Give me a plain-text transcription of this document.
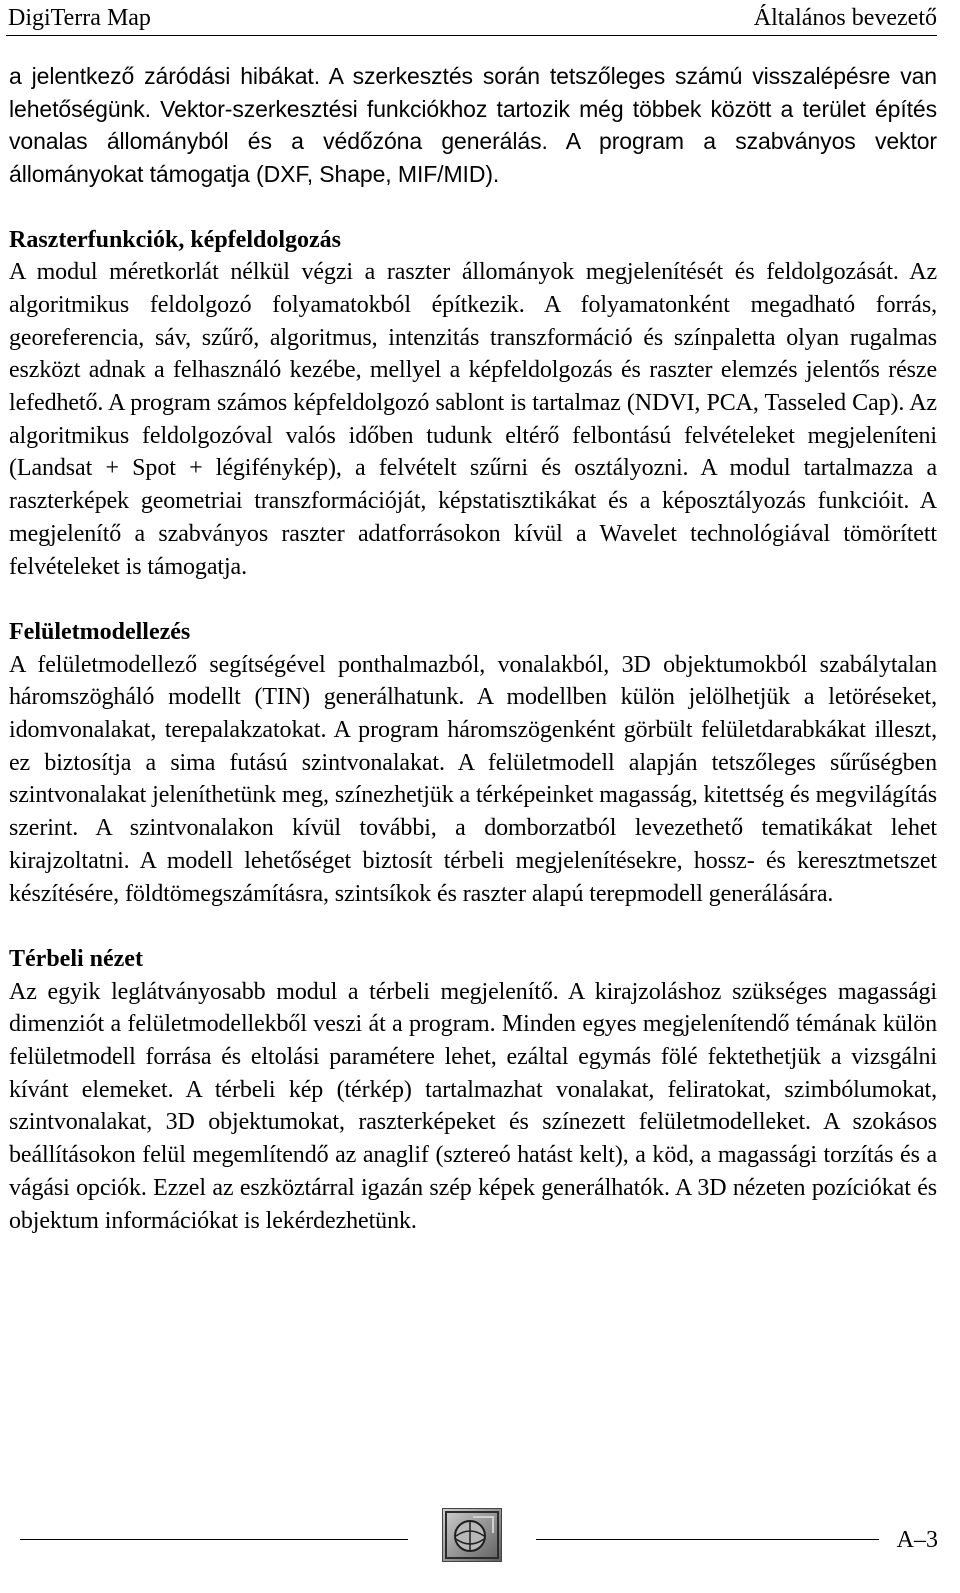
DigiTerra Map	Általános bevezető

a jelentkező záródási hibákat. A szerkesztés során tetszőleges számú visszalépésre van lehetőségünk. Vektor-szerkesztési funkciókhoz tartozik még többek között a terület építés vonalas állományból és a védőzóna generálás. A program a szabványos vektor állományokat támogatja (DXF, Shape, MIF/MID).

Raszterfunkciók, képfeldolgozás

A modul méretkorlát nélkül végzi a raszter állományok megjelenítését és feldolgozását. Az algoritmikus feldolgozó folyamatokból építkezik. A folyamatonként megadható forrás, georeferencia, sáv, szűrő, algoritmus, intenzitás transzformáció és színpaletta olyan rugalmas eszközt adnak a felhasználó kezébe, mellyel a képfeldolgozás és raszter elemzés jelentős része lefedhető. A program számos képfeldolgozó sablont is tartalmaz (NDVI, PCA, Tasseled Cap). Az algoritmikus feldolgozóval valós időben tudunk eltérő felbontású felvételeket megjeleníteni (Landsat + Spot + légifénykép), a felvételt szűrni és osztályozni. A modul tartalmazza a raszterképek geometriai transzformációját, képstatisztikákat és a képosztályozás funkcióit. A megjelenítő a szabványos raszter adatforrásokon kívül a Wavelet technológiával tömörített felvételeket is támogatja.

Felületmodellezés

A felületmodellező segítségével ponthalmazból, vonalakból, 3D objektumokból szabálytalan háromszögháló modellt (TIN) generálhatunk. A modellben külön jelölhetjük a letöréseket, idomvonalakat, terepalakzatokat. A program háromszögenként görbült felületdarabkákat illeszt, ez biztosítja a sima futású szintvonalakat. A felületmodell alapján tetszőleges sűrűségben szintvonalakat jeleníthetünk meg, színezhetjük a térképeinket magasság, kitettség és megvilágítás szerint. A szintvonalakon kívül további, a domborzatból levezethető tematikákat lehet kirajzoltatni. A modell lehetőséget biztosít térbeli megjelenítésekre, hossz- és keresztmetszet készítésére, földtömegszámításra, szintsíkok és raszter alapú terepmodell generálására.

Térbeli nézet

Az egyik leglátványosabb modul a térbeli megjelenítő. A kirajzoláshoz szükséges magassági dimenziót a felületmodellekből veszi át a program. Minden egyes megjelenítendő témának külön felületmodell forrása és eltolási paramétere lehet, ezáltal egymás fölé fektethetjük a vizsgálni kívánt elemeket. A térbeli kép (térkép) tartalmazhat vonalakat, feliratokat, szimbólumokat, szintvonalakat, 3D objektumokat, raszterképeket és színezett felületmodelleket. A szokásos beállításokon felül megemlítendő az anaglif (sztereó hatást kelt), a köd, a magassági torzítás és a vágási opciók. Ezzel az eszköztárral igazán szép képek generálhatók. A 3D nézeten pozíciókat és objektum információkat is lekérdezhetünk.

A–3
